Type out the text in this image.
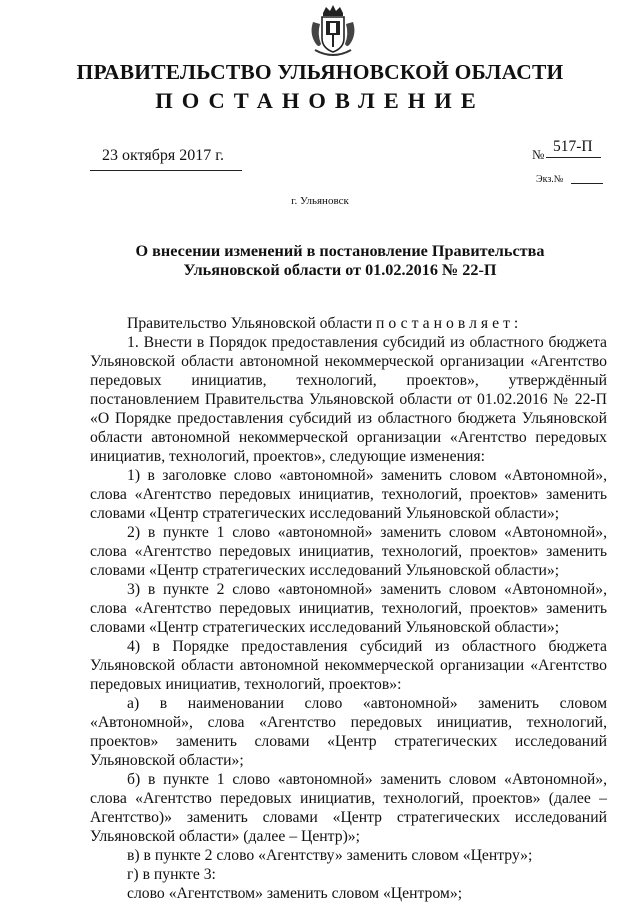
ПРАВИТЕЛЬСТВО УЛЬЯНОВСКОЙ ОБЛАСТИ
ПОСТАНОВЛЕНИЕ
23 октября 2017 г.	№ 517-П
Экз.№
г. Ульяновск
О внесении изменений в постановление Правительства
Ульяновской области от 01.02.2016 № 22-П

Правительство Ульяновской области постановляет:

1. Внести в Порядок предоставления субсидий из областного бюджета Ульяновской области автономной некоммерческой организации «Агентство передовых инициатив, технологий, проектов», утверждённый постановлением Правительства Ульяновской области от 01.02.2016 № 22-П «О Порядке предоставления субсидий из областного бюджета Ульяновской области автономной некоммерческой организации «Агентство передовых инициатив, технологий, проектов», следующие изменения:

1) в заголовке слово «автономной» заменить словом «Автономной», слова «Агентство передовых инициатив, технологий, проектов» заменить словами «Центр стратегических исследований Ульяновской области»;

2) в пункте 1 слово «автономной» заменить словом «Автономной», слова «Агентство передовых инициатив, технологий, проектов» заменить словами «Центр стратегических исследований Ульяновской области»;

3) в пункте 2 слово «автономной» заменить словом «Автономной», слова «Агентство передовых инициатив, технологий, проектов» заменить словами «Центр стратегических исследований Ульяновской области»;

4) в Порядке предоставления субсидий из областного бюджета Ульяновской области автономной некоммерческой организации «Агентство передовых инициатив, технологий, проектов»:

а) в наименовании слово «автономной» заменить словом «Автономной», слова «Агентство передовых инициатив, технологий, проектов» заменить словами «Центр стратегических исследований Ульяновской области»;

б) в пункте 1 слово «автономной» заменить словом «Автономной», слова «Агентство передовых инициатив, технологий, проектов» (далее – Агентство)» заменить словами «Центр стратегических исследований Ульяновской области» (далее – Центр)»;

в) в пункте 2 слово «Агентству» заменить словом «Центру»;

г) в пункте 3:

слово «Агентством» заменить словом «Центром»;
